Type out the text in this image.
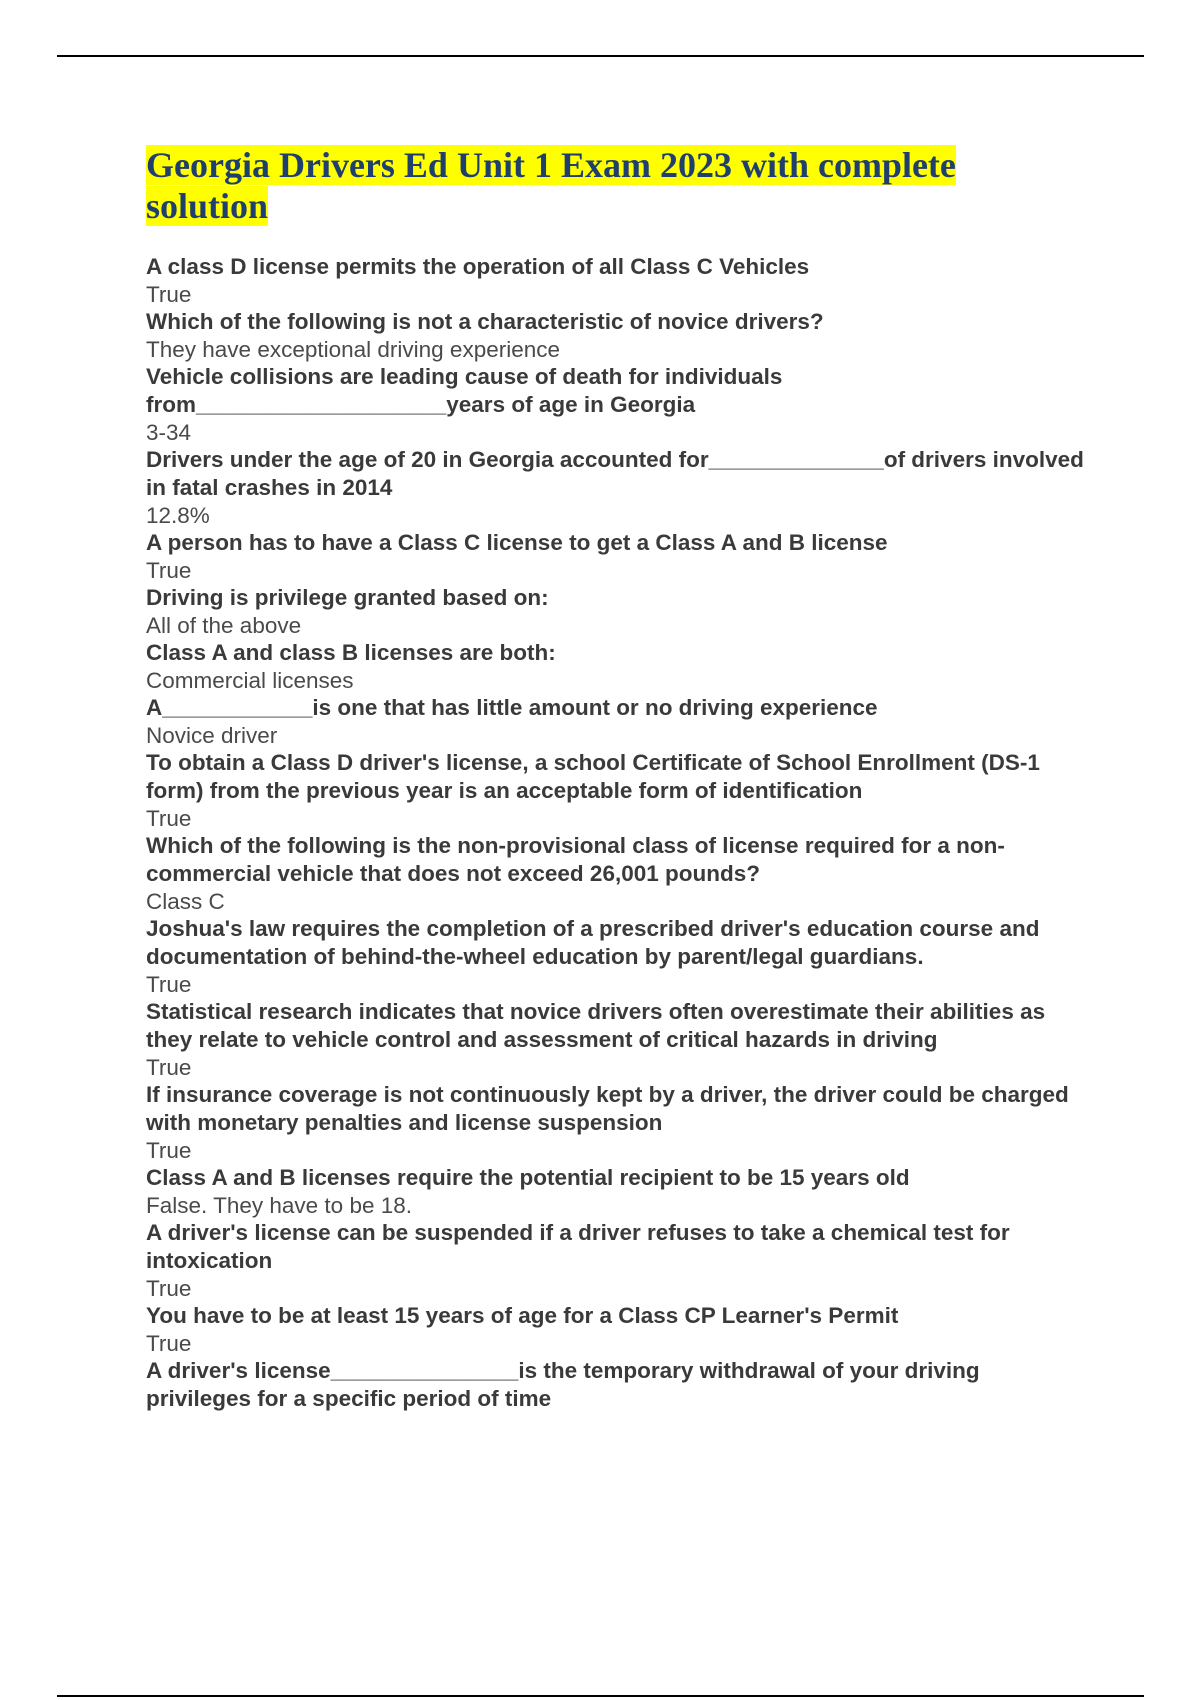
Georgia Drivers Ed Unit 1 Exam 2023 with complete solution

A class D license permits the operation of all Class C Vehicles

True

Which of the following is not a characteristic of novice drivers?

They have exceptional driving experience

Vehicle collisions are leading cause of death for individuals from____________________years of age in Georgia

3-34

Drivers under the age of 20 in Georgia accounted for______________of drivers involved in fatal crashes in 2014

12.8%

A person has to have a Class C license to get a Class A and B license

True

Driving is privilege granted based on:

All of the above

Class A and class B licenses are both:

Commercial licenses

A____________is one that has little amount or no driving experience

Novice driver

To obtain a Class D driver's license, a school Certificate of School Enrollment (DS-1 form) from the previous year is an acceptable form of identification

True

Which of the following is the non-provisional class of license required for a non-commercial vehicle that does not exceed 26,001 pounds?

Class C

Joshua's law requires the completion of a prescribed driver's education course and documentation of behind-the-wheel education by parent/legal guardians.

True

Statistical research indicates that novice drivers often overestimate their abilities as they relate to vehicle control and assessment of critical hazards in driving

True

If insurance coverage is not continuously kept by a driver, the driver could be charged with monetary penalties and license suspension

True

Class A and B licenses require the potential recipient to be 15 years old

False. They have to be 18.

A driver's license can be suspended if a driver refuses to take a chemical test for intoxication

True

You have to be at least 15 years of age for a Class CP Learner's Permit

True

A driver's license_______________is the temporary withdrawal of your driving privileges for a specific period of time
